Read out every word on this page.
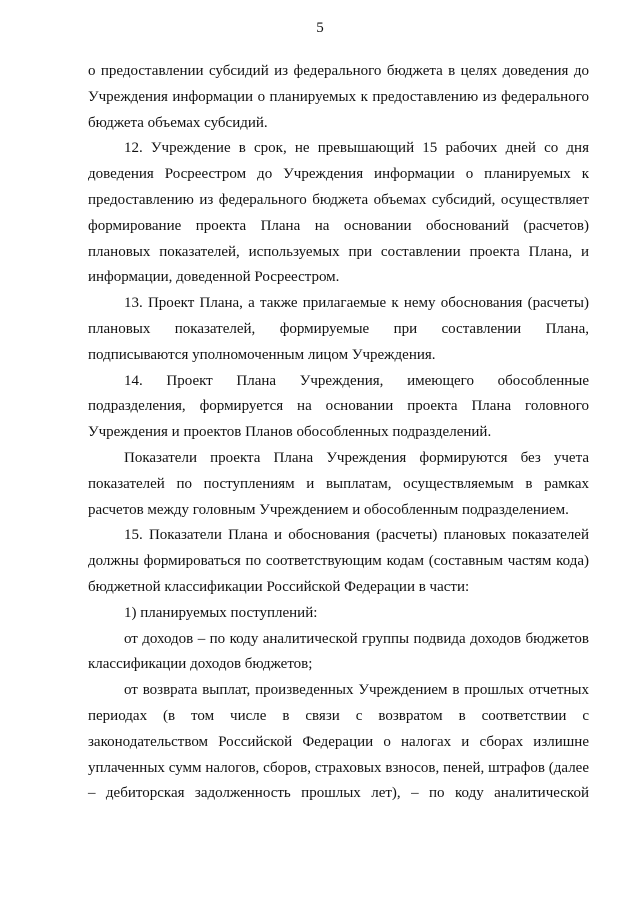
5

о предоставлении субсидий из федерального бюджета в целях доведения до Учреждения информации о планируемых к предоставлению из федерального бюджета объемах субсидий.

12. Учреждение в срок, не превышающий 15 рабочих дней со дня доведения Росреестром до Учреждения информации о планируемых к предоставлению из федерального бюджета объемах субсидий, осуществляет формирование проекта Плана на основании обоснований (расчетов) плановых показателей, используемых при составлении проекта Плана, и информации, доведенной Росреестром.

13. Проект Плана, а также прилагаемые к нему обоснования (расчеты) плановых показателей, формируемые при составлении Плана, подписываются уполномоченным лицом Учреждения.

14. Проект Плана Учреждения, имеющего обособленные подразделения, формируется на основании проекта Плана головного Учреждения и проектов Планов обособленных подразделений.

Показатели проекта Плана Учреждения формируются без учета показателей по поступлениям и выплатам, осуществляемым в рамках расчетов между головным Учреждением и обособленным подразделением.

15. Показатели Плана и обоснования (расчеты) плановых показателей должны формироваться по соответствующим кодам (составным частям кода) бюджетной классификации Российской Федерации в части:

1) планируемых поступлений:

от доходов – по коду аналитической группы подвида доходов бюджетов классификации доходов бюджетов;

от возврата выплат, произведенных Учреждением в прошлых отчетных периодах (в том числе в связи с возвратом в соответствии с законодательством Российской Федерации о налогах и сборах излишне уплаченных сумм налогов, сборов, страховых взносов, пеней, штрафов (далее – дебиторская задолженность прошлых лет), – по коду аналитической
